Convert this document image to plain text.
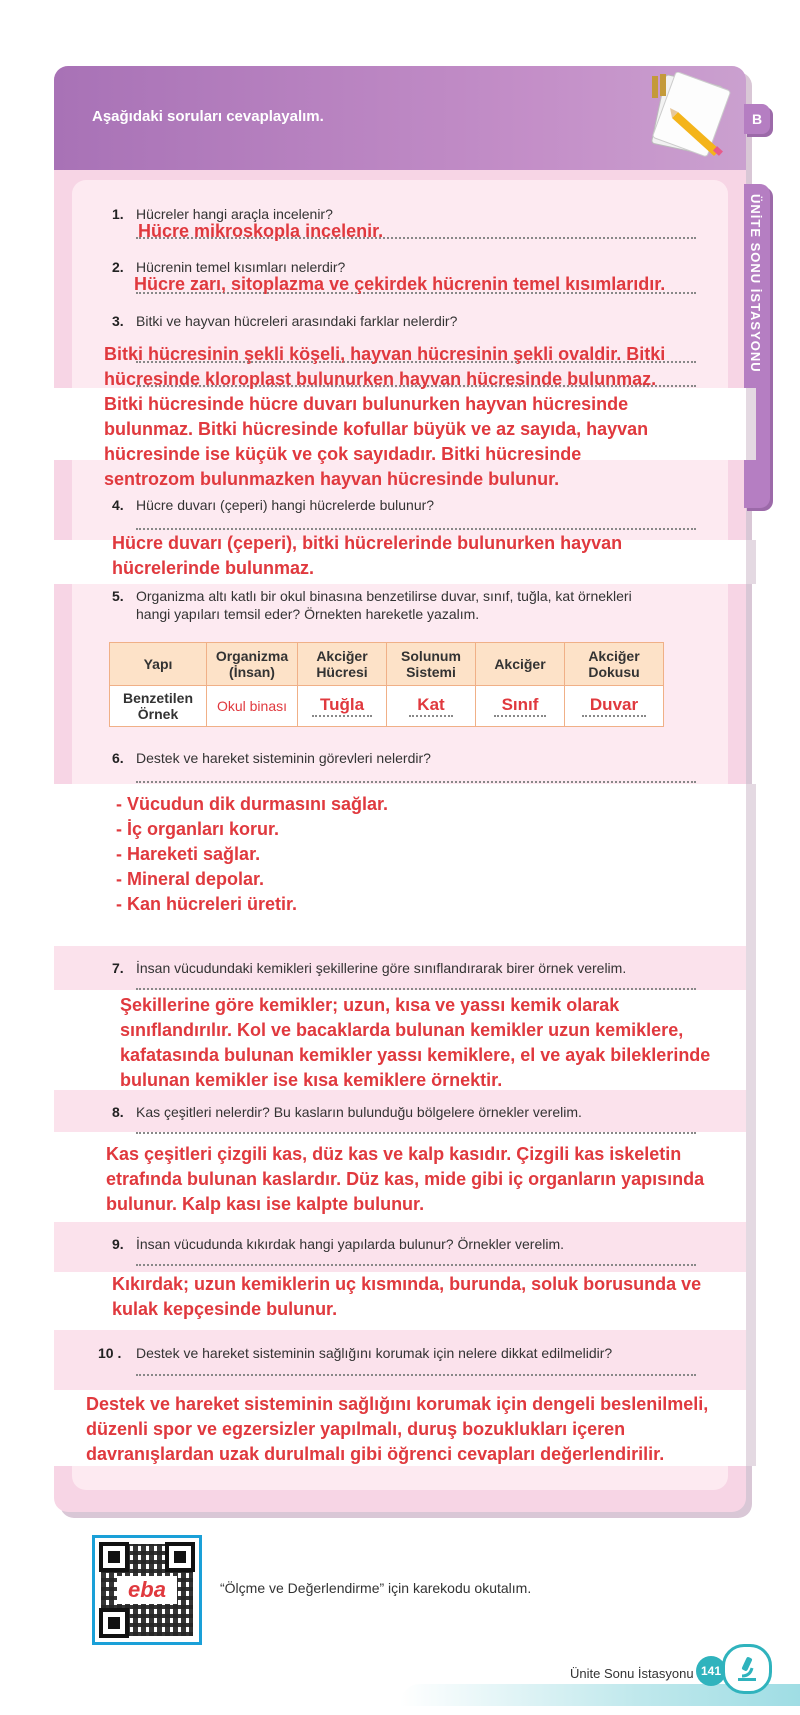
Aşağıdaki soruları cevaplayalım.	B
ÜNİTE SONU İSTASYONU
1. Hücreler hangi araçla incelenir?
Hücre mikroskopla incelenir.
2. Hücrenin temel kısımları nelerdir?
Hücre zarı, sitoplazma ve çekirdek hücrenin temel kısımlarıdır.
3. Bitki ve hayvan hücreleri arasındaki farklar nelerdir?
Bitki hücresinin şekli köşeli, hayvan hücresinin şekli ovaldir. Bitki
hücresinde kloroplast bulunurken hayvan hücresinde bulunmaz.
Bitki hücresinde hücre duvarı bulunurken hayvan hücresinde
bulunmaz. Bitki hücresinde kofullar büyük ve az sayıda, hayvan
hücresinde ise küçük ve çok sayıdadır. Bitki hücresinde
sentrozom bulunmazken hayvan hücresinde bulunur.
4. Hücre duvarı (çeperi) hangi hücrelerde bulunur?
Hücre duvarı (çeperi), bitki hücrelerinde bulunurken hayvan
hücrelerinde bulunmaz.
5. Organizma altı katlı bir okul binasına benzetilirse duvar, sınıf, tuğla, kat örnekleri
hangi yapıları temsil eder? Örnekten hareketle yazalım.
Yapı	Organizma (İnsan)	Akciğer Hücresi	Solunum Sistemi	Akciğer	Akciğer Dokusu
Benzetilen Örnek	Okul binası	Tuğla	Kat	Sınıf	Duvar
6. Destek ve hareket sisteminin görevleri nelerdir?
- Vücudun dik durmasını sağlar.
- İç organları korur.
- Hareketi sağlar.
- Mineral depolar.
- Kan hücreleri üretir.
7. İnsan vücudundaki kemikleri şekillerine göre sınıflandırarak birer örnek verelim.
Şekillerine göre kemikler; uzun, kısa ve yassı kemik olarak
sınıflandırılır. Kol ve bacaklarda bulunan kemikler uzun kemiklere,
kafatasında bulunan kemikler yassı kemiklere, el ve ayak bileklerinde
bulunan kemikler ise kısa kemiklere örnektir.
8. Kas çeşitleri nelerdir? Bu kasların bulunduğu bölgelere örnekler verelim.
Kas çeşitleri çizgili kas, düz kas ve kalp kasıdır. Çizgili kas iskeletin
etrafında bulunan kaslardır. Düz kas, mide gibi iç organların yapısında
bulunur. Kalp kası ise kalpte bulunur.
9. İnsan vücudunda kıkırdak hangi yapılarda bulunur? Örnekler verelim.
Kıkırdak; uzun kemiklerin uç kısmında, burunda, soluk borusunda ve
kulak kepçesinde bulunur.
10 . Destek ve hareket sisteminin sağlığını korumak için nelere dikkat edilmelidir?
Destek ve hareket sisteminin sağlığını korumak için dengeli beslenilmeli,
düzenli spor ve egzersizler yapılmalı, duruş bozuklukları içeren
davranışlardan uzak durulmalı gibi öğrenci cevapları değerlendirilir.
eba	“Ölçme ve Değerlendirme” için karekodu okutalım.
Ünite Sonu İstasyonu 141
